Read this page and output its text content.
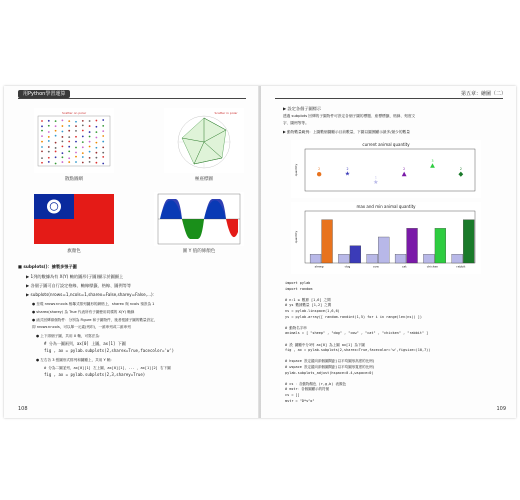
用Python學習運算
Scatter on polar
散點圖網
Scatter in polar
極座標圖
旗顏色	圖 Y 值的條顏色
■ subplots()：繪製多張子圖
▶ 1列的數據為有 X(Y) 軸的圖形(子圖)顯示於圖顯上
▶ 各個子圖可自行設定格線、軸線標籤、格線、圖例等等
▶ subplots(nrows=1,ncols=1,sharex=False,sharey=False,...)：
● 呈現 nrows×ncols 相鄰式排列圖形的網格上，sharex 與 ncols 預設為 1
● sharex(sharey) 為 True 代表所有子圖使用同樣的 X(Y) 軸線
● 函式回傳兩個物件：分別為 Figure 和子圖物件，後者根據子圖的數量設定，
即 nrows×ncols，可以單一元素(列印)，一維串列或二維串列
● 上下兩個子圖，共用 X 軸，可寫法為：
# 分為一圖兩列，ax[0] 上圖，ax[1] 下圖
fig , ax = pylab.subplots(2,sharex=True,facecolor='w')
● 左右各 3 張圖形式排列和圖顯上，共用 Y 軸：
# 分為二圖並列，ax[0][1] 左上圖，ax[0][1]，... ，ax[1][2] 右下圖
fig , ax = pylab.subplots(2,3,sharey=True)
108
第五章：繪圖（二）
▶ 設定各個子圖標示
透過 subplots 回傳的子圖物件可設定各個子圖的標題、座標標籤、格線、刻度文
字、圖例等等。
▶ 動物數量範例：上圖數個圖顯示目前數量，下圖以圓圈顯示最多/最少的數量
current animal quantity
quantity	2
★
2
★
1
2
3
2
max and min animal quantity
quantity
sheep	dog	cow	cat	chicken	rabbit
import pylab
import random
# n:1 ≤ 數據 [1,6] 之間
# ys 數據數量 [1,2] 之間
ns = pylab.linspace(1,6,6)
ys = pylab.array([ random.randint(1,5) for i in range(len(ns)) ])
# 動物名字串
animals = [ "sheep" , "dog" , "cow" , "cat" , "chicken" , "rabbit" ]
# 設 圖顯中分3列 ax[0] 為上圖 ax[1] 為下圖
fig , ax = pylab.subplots(2,sharex=True,facecolor='w',figsize=(10,7))
# hspace 設定縱向兩個圖間距(以平均圖形高度的比例)
# wspace 設定縱向兩個圖間距(以平均圖形寬度的比例)
pylab.subplots_adjust(hspace=0.4,wspace=0)
# cs ：各動物顏色 (r,g,b) 表顏色
# mstr：各個圖顯示的符號
cs = []
mstr = "D*s^o"
109
